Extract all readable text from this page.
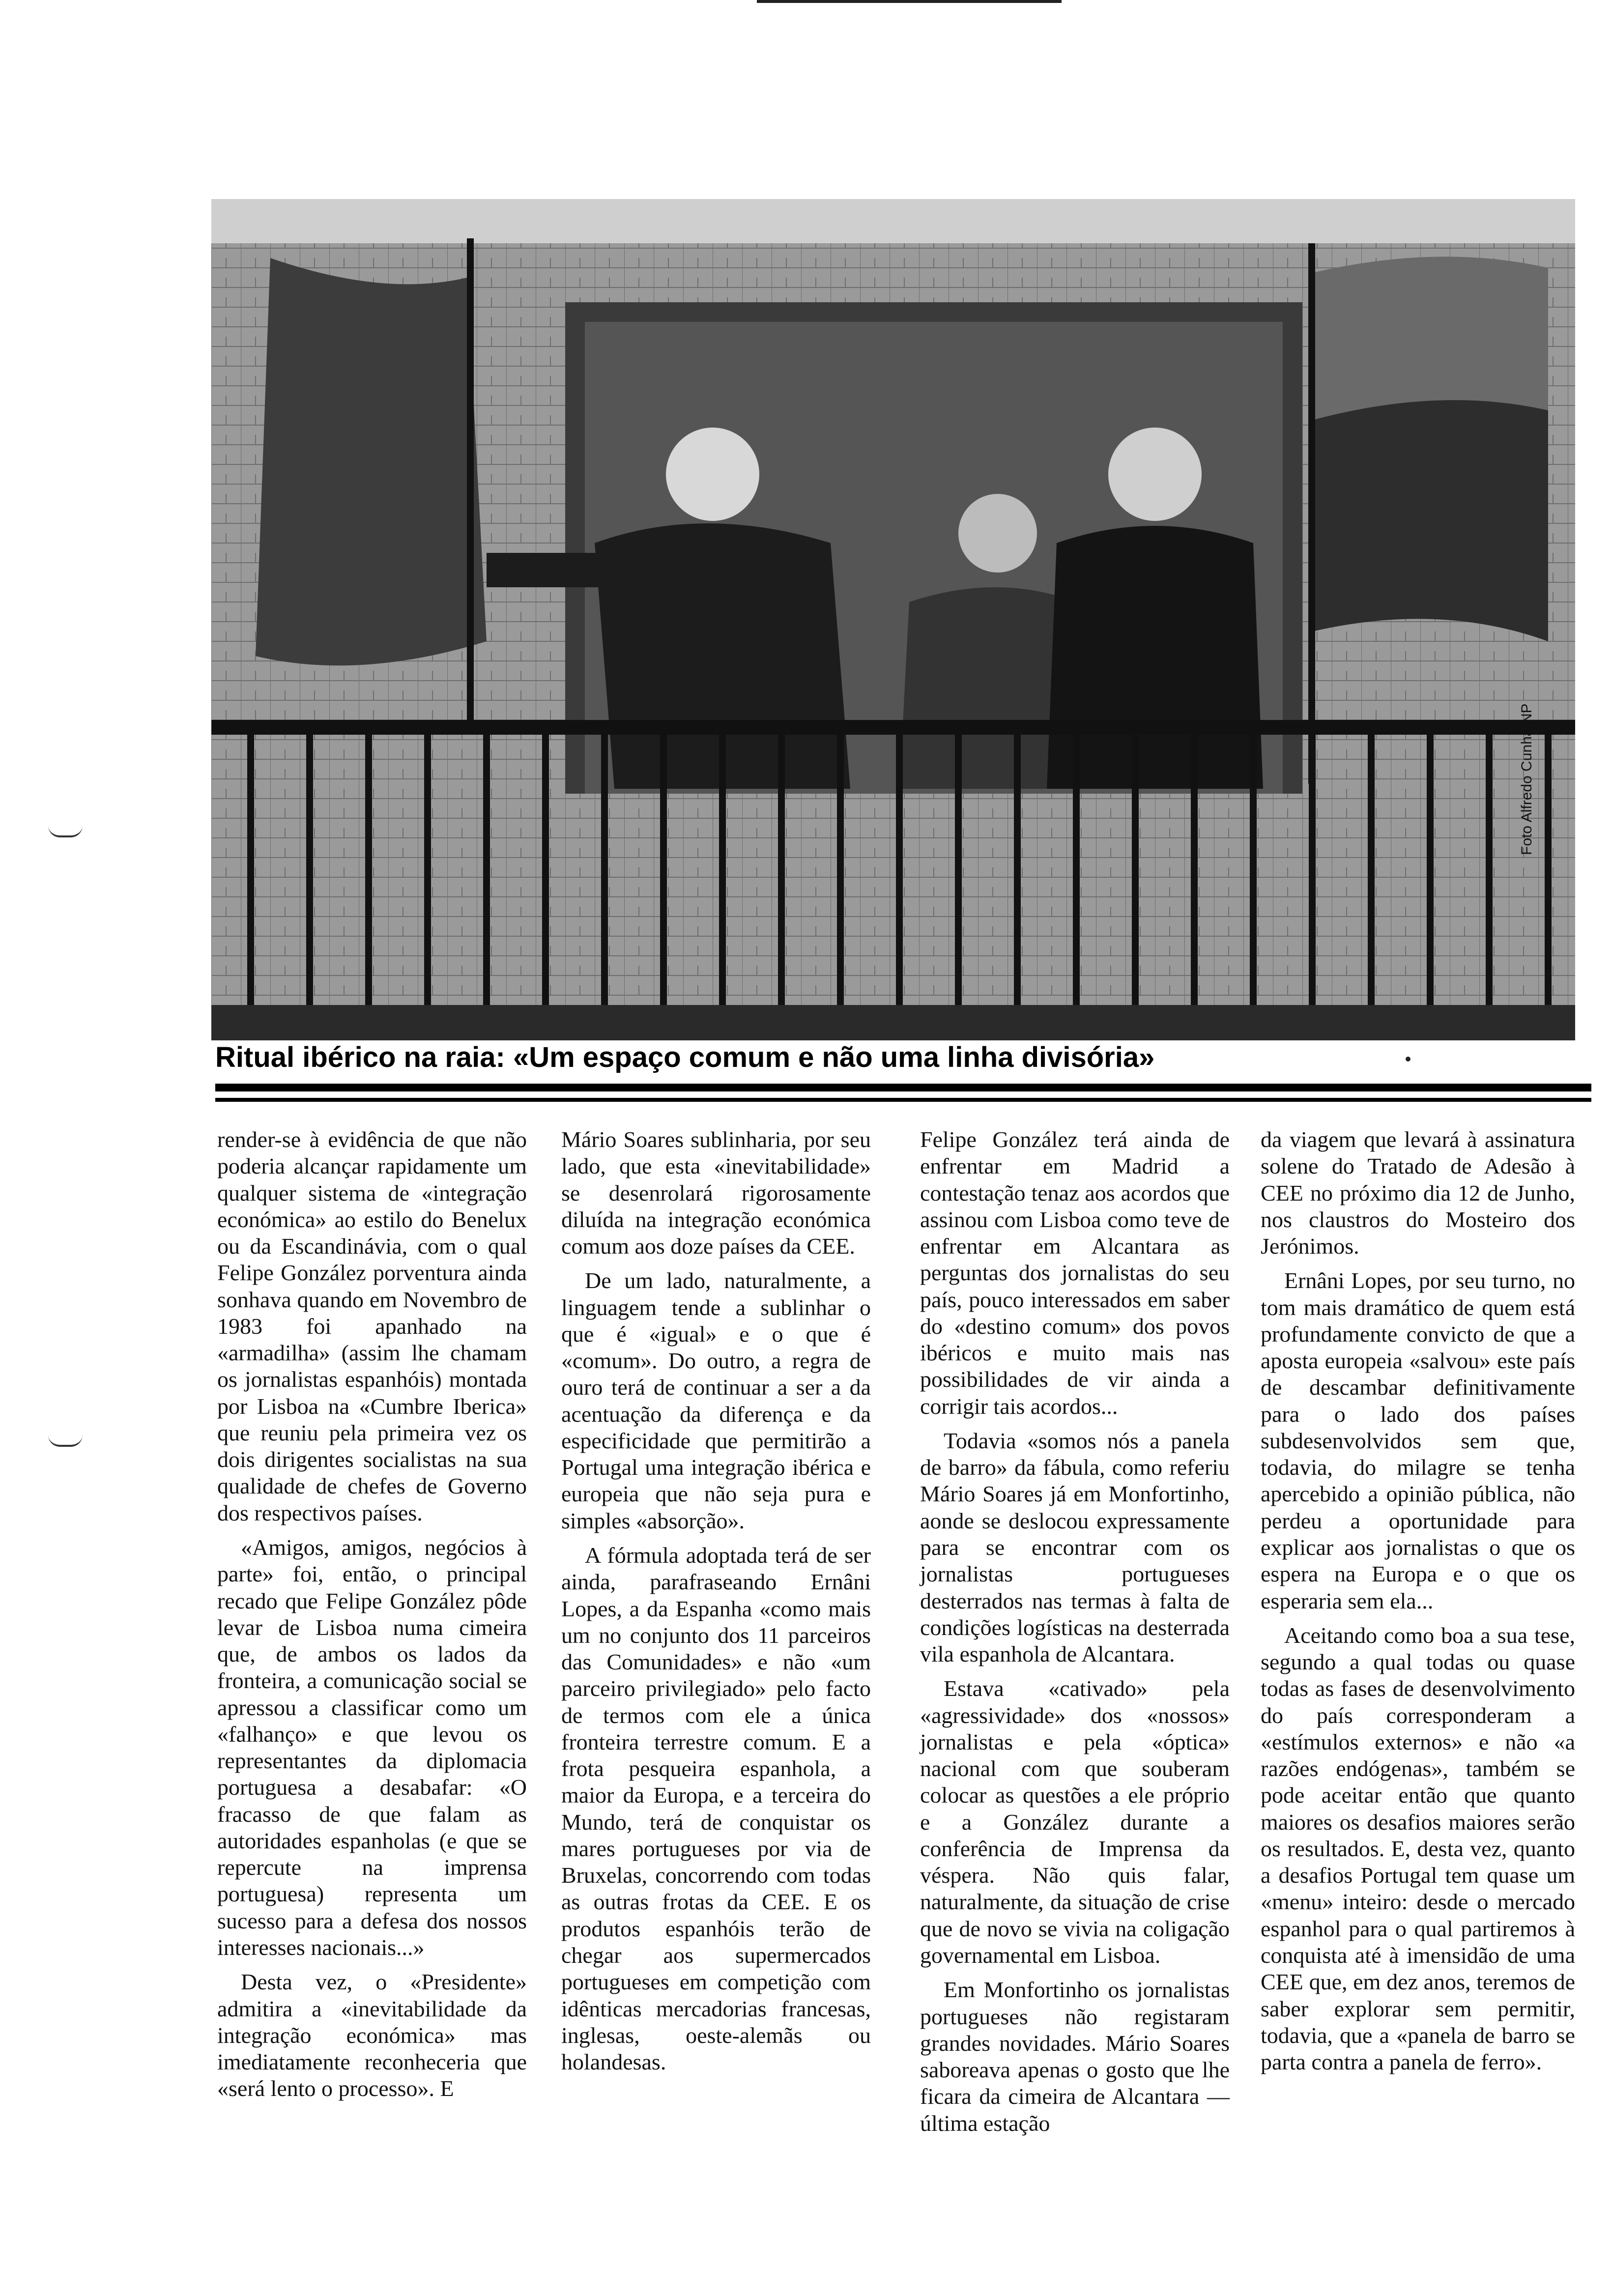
Foto Alfredo Cunha/NP
Ritual ibérico na raia: «Um espaço comum e não uma linha divisória»

render-se à evidência de que não poderia alcançar rapidamente um qualquer sistema de «integração económica» ao estilo do Benelux ou da Escandinávia, com o qual Felipe González porventura ainda sonhava quando em Novembro de 1983 foi apanhado na «armadilha» (assim lhe chamam os jornalistas espanhóis) montada por Lisboa na «Cumbre Iberica» que reuniu pela primeira vez os dois dirigentes socialistas na sua qualidade de chefes de Governo dos respectivos países.

«Amigos, amigos, negócios à parte» foi, então, o principal recado que Felipe González pôde levar de Lisboa numa cimeira que, de ambos os lados da fronteira, a comunicação social se apressou a classificar como um «falhanço» e que levou os representantes da diplomacia portuguesa a desabafar: «O fracasso de que falam as autoridades espanholas (e que se repercute na imprensa portuguesa) representa um sucesso para a defesa dos nossos interesses nacionais...»

Desta vez, o «Presidente» admitira a «inevitabilidade da integração económica» mas imediatamente reconheceria que «será lento o processo». E

Mário Soares sublinharia, por seu lado, que esta «inevitabilidade» se desenrolará rigorosamente diluída na integração económica comum aos doze países da CEE.

De um lado, naturalmente, a linguagem tende a sublinhar o que é «igual» e o que é «comum». Do outro, a regra de ouro terá de continuar a ser a da acentuação da diferença e da especificidade que permitirão a Portugal uma integração ibérica e europeia que não seja pura e simples «absorção».

A fórmula adoptada terá de ser ainda, parafraseando Ernâni Lopes, a da Espanha «como mais um no conjunto dos 11 parceiros das Comunidades» e não «um parceiro privilegiado» pelo facto de termos com ele a única fronteira terrestre comum. E a frota pesqueira espanhola, a maior da Europa, e a terceira do Mundo, terá de conquistar os mares portugueses por via de Bruxelas, concorrendo com todas as outras frotas da CEE. E os produtos espanhóis terão de chegar aos supermercados portugueses em competição com idênticas mercadorias francesas, inglesas, oeste-alemãs ou holandesas.

Felipe González terá ainda de enfrentar em Madrid a contestação tenaz aos acordos que assinou com Lisboa como teve de enfrentar em Alcantara as perguntas dos jornalistas do seu país, pouco interessados em saber do «destino comum» dos povos ibéricos e muito mais nas possibilidades de vir ainda a corrigir tais acordos...

Todavia «somos nós a panela de barro» da fábula, como referiu Mário Soares já em Monfortinho, aonde se deslocou expressamente para se encontrar com os jornalistas portugueses desterrados nas termas à falta de condições logísticas na desterrada vila espanhola de Alcantara.

Estava «cativado» pela «agressividade» dos «nossos» jornalistas e pela «óptica» nacional com que souberam colocar as questões a ele próprio e a González durante a conferência de Imprensa da véspera. Não quis falar, naturalmente, da situação de crise que de novo se vivia na coligação governamental em Lisboa.

Em Monfortinho os jornalistas portugueses não registaram grandes novidades. Mário Soares saboreava apenas o gosto que lhe ficara da cimeira de Alcantara — última estação

da viagem que levará à assinatura solene do Tratado de Adesão à CEE no próximo dia 12 de Junho, nos claustros do Mosteiro dos Jerónimos.

Ernâni Lopes, por seu turno, no tom mais dramático de quem está profundamente convicto de que a aposta europeia «salvou» este país de descambar definitivamente para o lado dos países subdesenvolvidos sem que, todavia, do milagre se tenha apercebido a opinião pública, não perdeu a oportunidade para explicar aos jornalistas o que os espera na Europa e o que os esperaria sem ela...

Aceitando como boa a sua tese, segundo a qual todas ou quase todas as fases de desenvolvimento do país corresponderam a «estímulos externos» e não «a razões endógenas», também se pode aceitar então que quanto maiores os desafios maiores serão os resultados. E, desta vez, quanto a desafios Portugal tem quase um «menu» inteiro: desde o mercado espanhol para o qual partiremos à conquista até à imensidão de uma CEE que, em dez anos, teremos de saber explorar sem permitir, todavia, que a «panela de barro se parta contra a panela de ferro».
